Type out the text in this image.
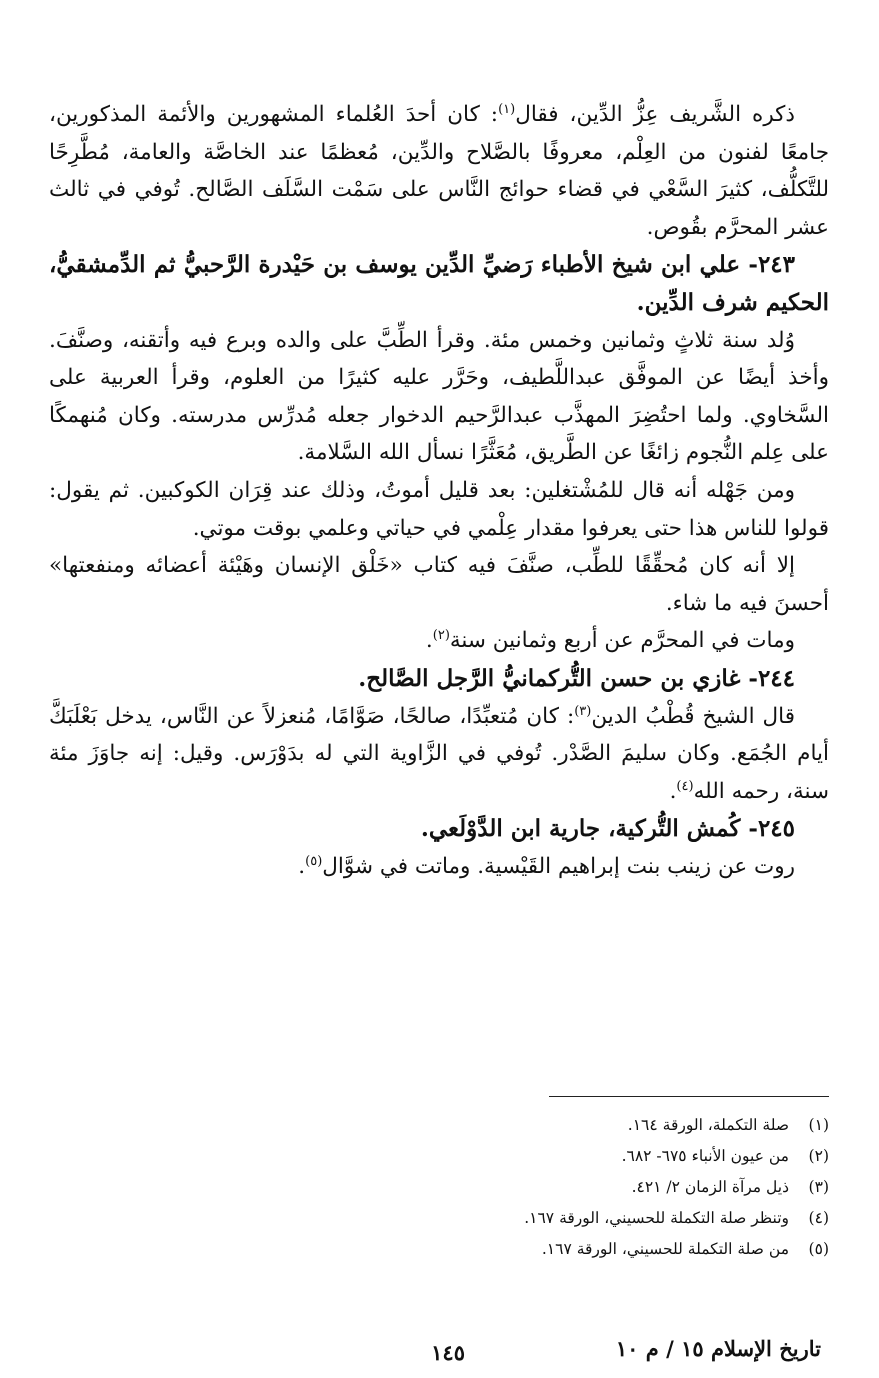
ذكره الشَّريف عِزُّ الدِّين، فقال$^{(١)}$: كان أحدَ العُلماء المشهورين والأئمة المذكورين، جامعًا لفنون من العِلْم، معروفًا بالصَّلاح والدِّين، مُعظمًا عند الخاصَّة والعامة، مُطَّرِحًا للتَّكلُّف، كثيرَ السَّعْي في قضاء حوائج النَّاس على سَمْت السَّلَف الصَّالح. تُوفي في ثالث عشر المحرَّم بقُوص.

٢٤٣- علي ابن شيخ الأطباء رَضيِّ الدِّين يوسف بن حَيْدرة الرَّحبيُّ ثم الدِّمشقيُّ، الحكيم شرف الدِّين.

وُلد سنة ثلاثٍ وثمانين وخمس مئة. وقرأ الطِّبَّ على والده وبرع فيه وأتقنه، وصنَّفَ. وأخذ أيضًا عن الموفَّق عبداللَّطيف، وحَرَّر عليه كثيرًا من العلوم، وقرأ العربية على السَّخاوي. ولما احتُضِرَ المهذَّب عبدالرَّحيم الدخوار جعله مُدرِّس مدرسته. وكان مُنهمكًا على عِلم النُّجوم زائغًا عن الطَّريق، مُعَثَّرًا نسأل الله السَّلامة.

ومن جَهْله أنه قال للمُشْتغلين: بعد قليل أموتُ، وذلك عند قِرَان الكوكبين. ثم يقول: قولوا للناس هذا حتى يعرفوا مقدار عِلْمي في حياتي وعلمي بوقت موتي.

إلا أنه كان مُحقِّقًا للطِّب، صنَّفَ فيه كتاب «خَلْق الإنسان وهَيْئة أعضائه ومنفعتها» أحسنَ فيه ما شاء.

ومات في المحرَّم عن أربع وثمانين سنة$^{(٢)}$.

٢٤٤- غازي بن حسن التُّركمانيُّ الرَّجل الصَّالح.

قال الشيخ قُطْبُ الدين$^{(٣)}$: كان مُتعبِّدًا، صالحًا، صَوَّامًا، مُنعزلاً عن النَّاس، يدخل بَعْلَبَكَّ أيام الجُمَع. وكان سليمَ الصَّدْر. تُوفي في الزَّاوية التي له بدَوْرَس. وقيل: إنه جاوَزَ مئة سنة، رحمه الله$^{(٤)}$.

٢٤٥- كُمش التُّركية، جارية ابن الدَّوْلَعي.

روت عن زينب بنت إبراهيم القَيْسية. وماتت في شوَّال$^{(٥)}$.

(١)صلة التكملة، الورقة ١٦٤.
(٢)من عيون الأنباء ٦٧٥- ٦٨٢.
(٣)ذيل مرآة الزمان ٢/ ٤٢١.
(٤)وتنظر صلة التكملة للحسيني، الورقة ١٦٧.
(٥)من صلة التكملة للحسيني، الورقة ١٦٧.
تاريخ الإسلام ١٥ / م ١٠
١٤٥
